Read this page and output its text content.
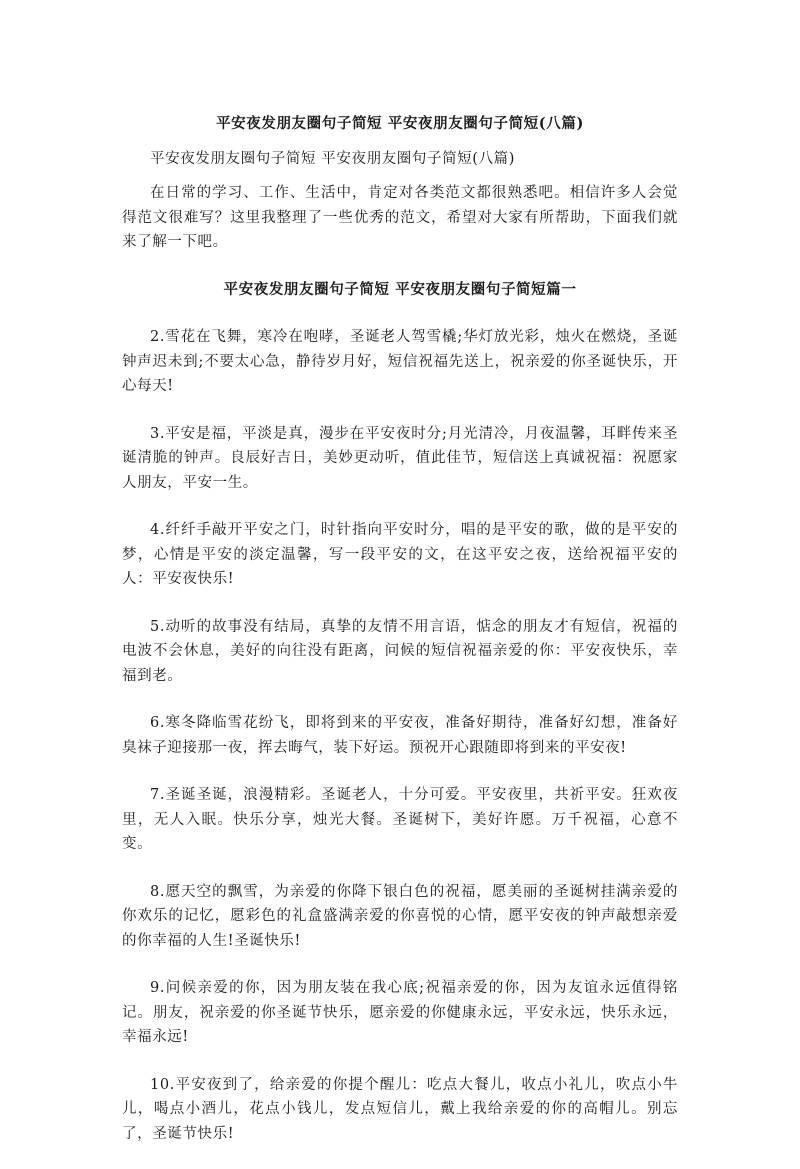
平安夜发朋友圈句子简短 平安夜朋友圈句子简短(八篇)
平安夜发朋友圈句子简短 平安夜朋友圈句子简短(八篇)

在日常的学习、工作、生活中，肯定对各类范文都很熟悉吧。相信许多人会觉得范文很难写？这里我整理了一些优秀的范文，希望对大家有所帮助，下面我们就来了解一下吧。

平安夜发朋友圈句子简短 平安夜朋友圈句子简短篇一

2.雪花在飞舞，寒冷在咆哮，圣诞老人驾雪橇;华灯放光彩，烛火在燃烧，圣诞钟声迟未到;不要太心急，静待岁月好，短信祝福先送上，祝亲爱的你圣诞快乐，开心每天!

3.平安是福，平淡是真，漫步在平安夜时分;月光清冷，月夜温馨，耳畔传来圣诞清脆的钟声。良辰好吉日，美妙更动听，值此佳节，短信送上真诚祝福：祝愿家人朋友，平安一生。

4.纤纤手敲开平安之门，时针指向平安时分，唱的是平安的歌，做的是平安的梦，心情是平安的淡定温馨，写一段平安的文，在这平安之夜，送给祝福平安的人：平安夜快乐!

5.动听的故事没有结局，真挚的友情不用言语，惦念的朋友才有短信，祝福的电波不会休息，美好的向往没有距离，问候的短信祝福亲爱的你：平安夜快乐，幸福到老。

6.寒冬降临雪花纷飞，即将到来的平安夜，准备好期待，准备好幻想，准备好臭袜子迎接那一夜，挥去晦气，装下好运。预祝开心跟随即将到来的平安夜!

7.圣诞圣诞，浪漫精彩。圣诞老人，十分可爱。平安夜里，共祈平安。狂欢夜里，无人入眠。快乐分享，烛光大餐。圣诞树下，美好许愿。万千祝福，心意不变。

8.愿天空的飘雪，为亲爱的你降下银白色的祝福，愿美丽的圣诞树挂满亲爱的你欢乐的记忆，愿彩色的礼盒盛满亲爱的你喜悦的心情，愿平安夜的钟声敲想亲爱的你幸福的人生!圣诞快乐!

9.问候亲爱的你，因为朋友装在我心底;祝福亲爱的你，因为友谊永远值得铭记。朋友，祝亲爱的你圣诞节快乐，愿亲爱的你健康永远，平安永远，快乐永远，幸福永远!

10.平安夜到了，给亲爱的你提个醒儿：吃点大餐儿，收点小礼儿，吹点小牛儿，喝点小酒儿，花点小钱儿，发点短信儿，戴上我给亲爱的你的高帽儿。别忘了，圣诞节快乐!
